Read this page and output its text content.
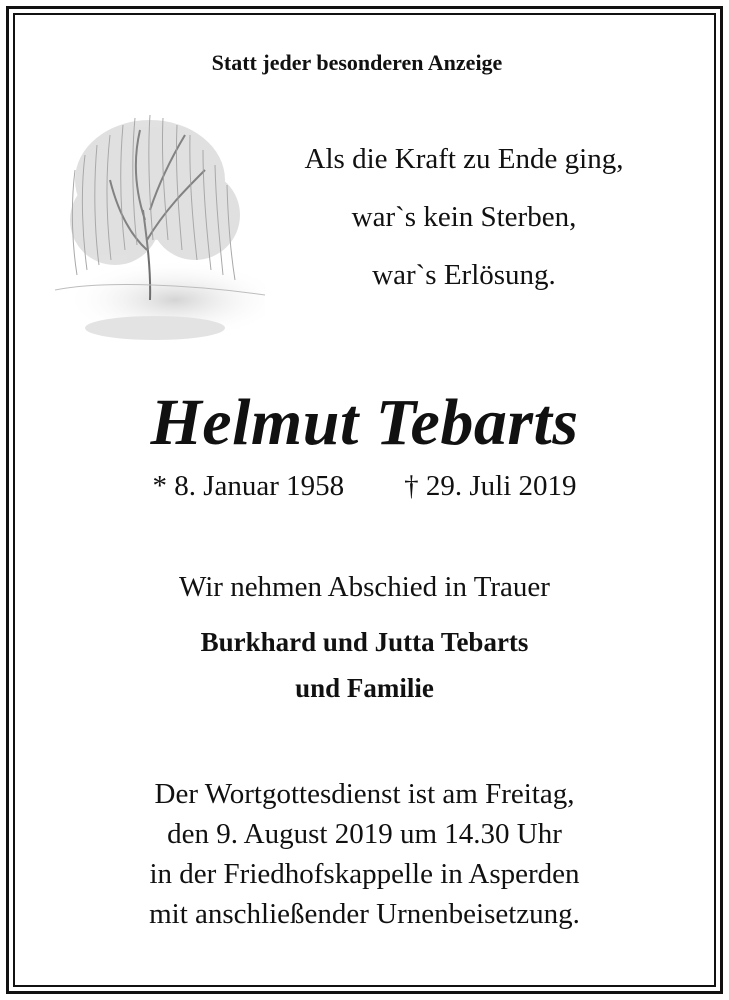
Statt jeder besonderen Anzeige
Als die Kraft zu Ende ging,
war`s kein Sterben,
war`s Erlösung.
Helmut Tebarts
* 8. Januar 1958 † 29. Juli 2019
Wir nehmen Abschied in Trauer
Burkhard und Jutta Tebarts
und Familie
Der Wortgottesdienst ist am Freitag,
den 9. August 2019 um 14.30 Uhr
in der Friedhofskappelle in Asperden
mit anschließender Urnenbeisetzung.
